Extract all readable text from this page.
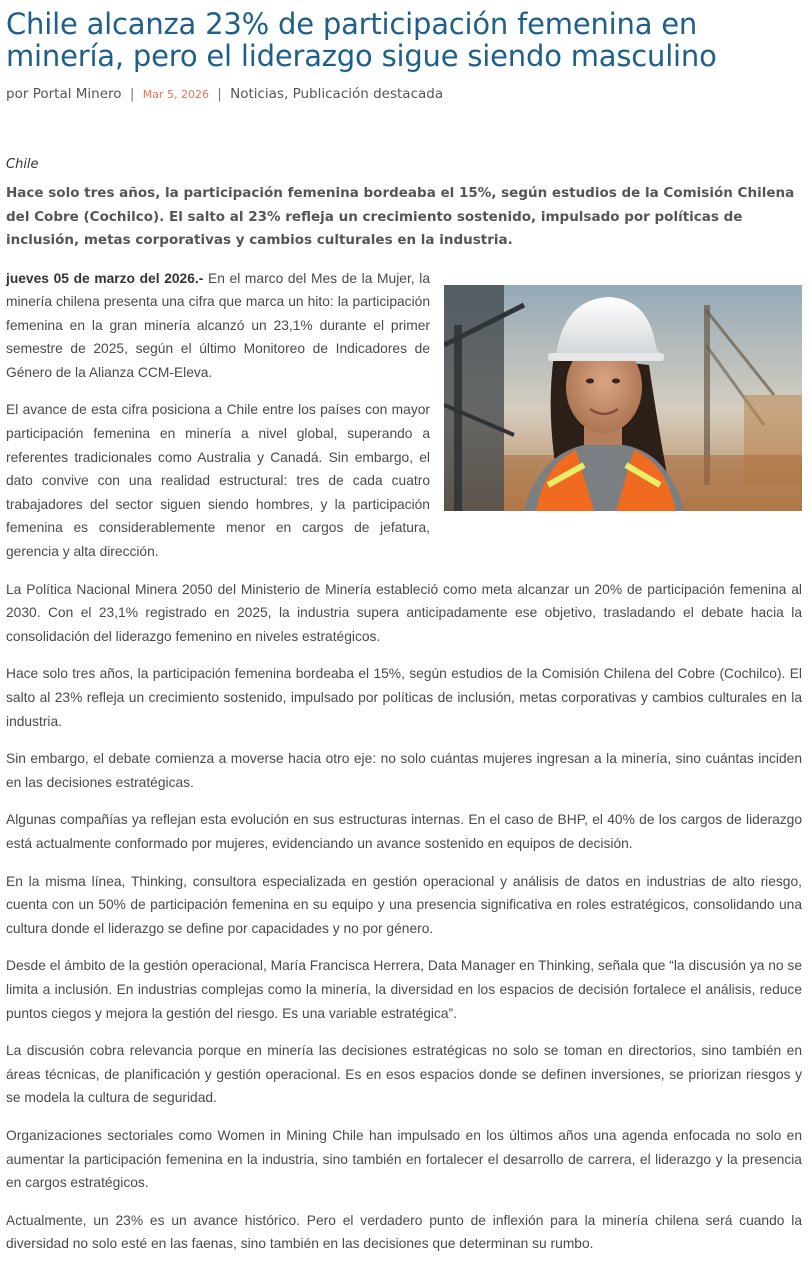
Chile alcanza 23% de participación femenina en minería, pero el liderazgo sigue siendo masculino
por Portal Minero | Mar 5, 2026 | Noticias, Publicación destacada
Chile
Hace solo tres años, la participación femenina bordeaba el 15%, según estudios de la Comisión Chilena del Cobre (Cochilco). El salto al 23% refleja un crecimiento sostenido, impulsado por políticas de inclusión, metas corporativas y cambios culturales en la industria.

jueves 05 de marzo del 2026.- En el marco del Mes de la Mujer, la minería chilena presenta una cifra que marca un hito: la participación femenina en la gran minería alcanzó un 23,1% durante el primer semestre de 2025, según el último Monitoreo de Indicadores de Género de la Alianza CCM-Eleva.

El avance de esta cifra posiciona a Chile entre los países con mayor participación femenina en minería a nivel global, superando a referentes tradicionales como Australia y Canadá. Sin embargo, el dato convive con una realidad estructural: tres de cada cuatro trabajadores del sector siguen siendo hombres, y la participación femenina es considerablemente menor en cargos de jefatura, gerencia y alta dirección.

La Política Nacional Minera 2050 del Ministerio de Minería estableció como meta alcanzar un 20% de participación femenina al 2030. Con el 23,1% registrado en 2025, la industria supera anticipadamente ese objetivo, trasladando el debate hacia la consolidación del liderazgo femenino en niveles estratégicos.

Hace solo tres años, la participación femenina bordeaba el 15%, según estudios de la Comisión Chilena del Cobre (Cochilco). El salto al 23% refleja un crecimiento sostenido, impulsado por políticas de inclusión, metas corporativas y cambios culturales en la industria.

Sin embargo, el debate comienza a moverse hacia otro eje: no solo cuántas mujeres ingresan a la minería, sino cuántas inciden en las decisiones estratégicas.

Algunas compañías ya reflejan esta evolución en sus estructuras internas. En el caso de BHP, el 40% de los cargos de liderazgo está actualmente conformado por mujeres, evidenciando un avance sostenido en equipos de decisión.

En la misma línea, Thinking, consultora especializada en gestión operacional y análisis de datos en industrias de alto riesgo, cuenta con un 50% de participación femenina en su equipo y una presencia significativa en roles estratégicos, consolidando una cultura donde el liderazgo se define por capacidades y no por género.

Desde el ámbito de la gestión operacional, María Francisca Herrera, Data Manager en Thinking, señala que “la discusión ya no se limita a inclusión. En industrias complejas como la minería, la diversidad en los espacios de decisión fortalece el análisis, reduce puntos ciegos y mejora la gestión del riesgo. Es una variable estratégica”.

La discusión cobra relevancia porque en minería las decisiones estratégicas no solo se toman en directorios, sino también en áreas técnicas, de planificación y gestión operacional. Es en esos espacios donde se definen inversiones, se priorizan riesgos y se modela la cultura de seguridad.

Organizaciones sectoriales como Women in Mining Chile han impulsado en los últimos años una agenda enfocada no solo en aumentar la participación femenina en la industria, sino también en fortalecer el desarrollo de carrera, el liderazgo y la presencia en cargos estratégicos.

Actualmente, un 23% es un avance histórico. Pero el verdadero punto de inflexión para la minería chilena será cuando la diversidad no solo esté en las faenas, sino también en las decisiones que determinan su rumbo.
